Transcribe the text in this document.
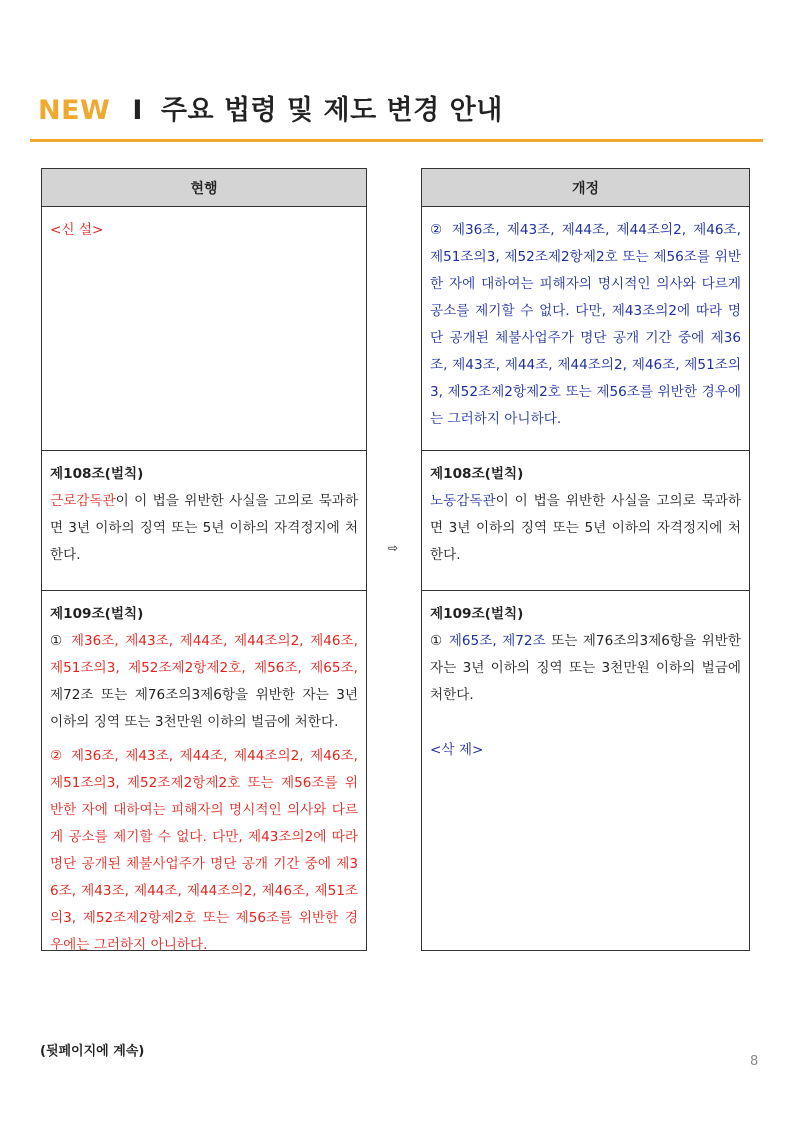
NEW I 주요 법령 및 제도 변경 안내
현행

<신 설>

제108조(벌칙)

근로감독관이 이 법을 위반한 사실을 고의로 묵과하면 3년 이하의 징역 또는 5년 이하의 자격정지에 처한다.

제109조(벌칙)

① 제36조, 제43조, 제44조, 제44조의2, 제46조, 제51조의3, 제52조제2항제2호, 제56조, 제65조, 제72조 또는 제76조의3제6항을 위반한 자는 3년 이하의 징역 또는 3천만원 이하의 벌금에 처한다.

② 제36조, 제43조, 제44조, 제44조의2, 제46조, 제51조의3, 제52조제2항제2호 또는 제56조를 위반한 자에 대하여는 피해자의 명시적인 의사와 다르게 공소를 제기할 수 없다. 다만, 제43조의2에 따라 명단 공개된 체불사업주가 명단 공개 기간 중에 제36조, 제43조, 제44조, 제44조의2, 제46조, 제51조의3, 제52조제2항제2호 또는 제56조를 위반한 경우에는 그러하지 아니하다.

⇨
개정

② 제36조, 제43조, 제44조, 제44조의2, 제46조, 제51조의3, 제52조제2항제2호 또는 제56조를 위반한 자에 대하여는 피해자의 명시적인 의사와 다르게 공소를 제기할 수 없다. 다만, 제43조의2에 따라 명단 공개된 체불사업주가 명단 공개 기간 중에 제36조, 제43조, 제44조, 제44조의2, 제46조, 제51조의3, 제52조제2항제2호 또는 제56조를 위반한 경우에는 그러하지 아니하다.

제108조(벌칙)

노동감독관이 이 법을 위반한 사실을 고의로 묵과하면 3년 이하의 징역 또는 5년 이하의 자격정지에 처한다.

제109조(벌칙)

① 제65조, 제72조 또는 제76조의3제6항을 위반한 자는 3년 이하의 징역 또는 3천만원 이하의 벌금에 처한다.

<삭 제>

(뒷페이지에 계속)
8
